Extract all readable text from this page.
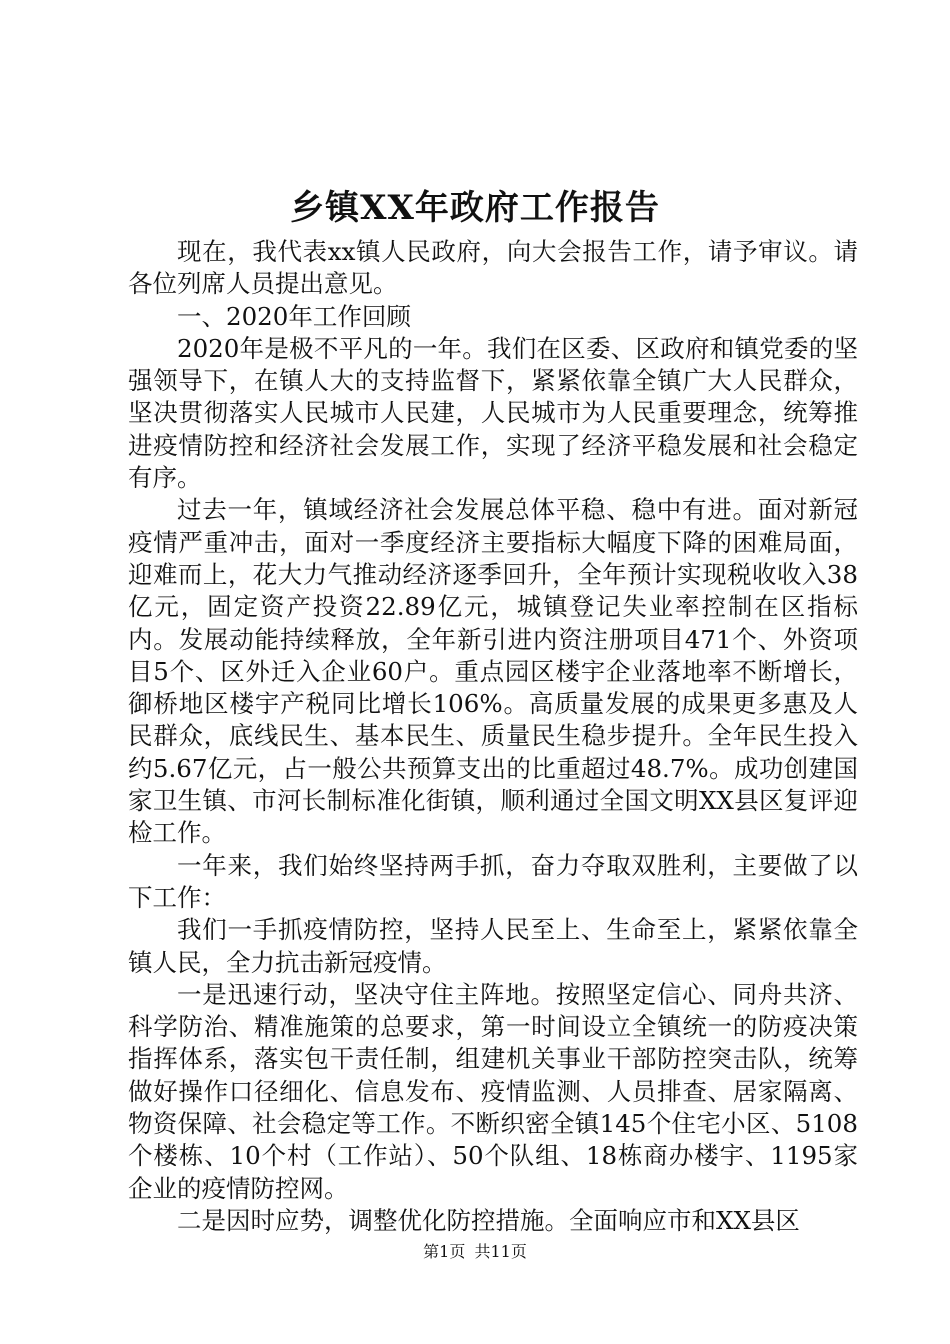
乡镇XX年政府工作报告

现在，我代表xx镇人民政府，向大会报告工作，请予审议。请各位列席人员提出意见。

一、2020年工作回顾

2020年是极不平凡的一年。我们在区委、区政府和镇党委的坚强领导下，在镇人大的支持监督下，紧紧依靠全镇广大人民群众，坚决贯彻落实人民城市人民建，人民城市为人民重要理念，统筹推进疫情防控和经济社会发展工作，实现了经济平稳发展和社会稳定有序。

过去一年，镇域经济社会发展总体平稳、稳中有进。面对新冠疫情严重冲击，面对一季度经济主要指标大幅度下降的困难局面，迎难而上，花大力气推动经济逐季回升，全年预计实现税收收入38亿元，固定资产投资22.89亿元，城镇登记失业率控制在区指标内。发展动能持续释放，全年新引进内资注册项目471个、外资项目5个、区外迁入企业60户。重点园区楼宇企业落地率不断增长，御桥地区楼宇产税同比增长106%。高质量发展的成果更多惠及人民群众，底线民生、基本民生、质量民生稳步提升。全年民生投入约5.67亿元，占一般公共预算支出的比重超过48.7%。成功创建国家卫生镇、市河长制标准化街镇，顺利通过全国文明XX县区复评迎检工作。

一年来，我们始终坚持两手抓，奋力夺取双胜利，主要做了以下工作：

我们一手抓疫情防控，坚持人民至上、生命至上，紧紧依靠全镇人民，全力抗击新冠疫情。

一是迅速行动，坚决守住主阵地。按照坚定信心、同舟共济、科学防治、精准施策的总要求，第一时间设立全镇统一的防疫决策指挥体系，落实包干责任制，组建机关事业干部防控突击队，统筹做好操作口径细化、信息发布、疫情监测、人员排查、居家隔离、物资保障、社会稳定等工作。不断织密全镇145个住宅小区、5108个楼栋、10个村（工作站）、50个队组、18栋商办楼宇、1195家企业的疫情防控网。

二是因时应势，调整优化防控措施。全面响应市和XX县区

第1页 共11页
